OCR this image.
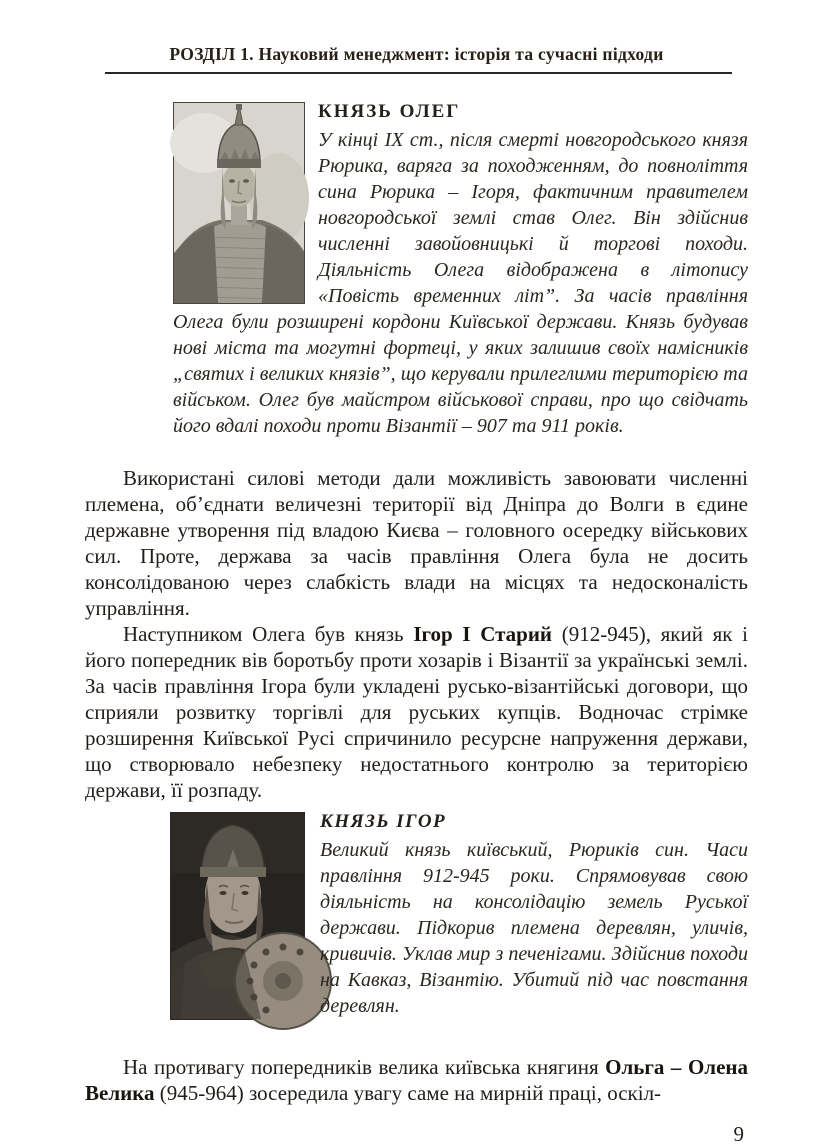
РОЗДІЛ 1. Науковий менеджмент: історія та сучасні підходи
КНЯЗЬ ОЛЕГ

У кінці IX ст., після смерті новгородського князя Рюрика, варяга за походженням, до повноліття сина Рюрика – Ігоря, фактичним правителем новгородської землі став Олег. Він здійснив численні завойовницькі й торгові походи. Діяльність Олега відображена в літопису «Повість временних літ”. За часів правління Олега були розширені кордони Київської держави. Князь будував нові міста та могутні фортеці, у яких залишив своїх намісників „святих і великих князів”, що керували прилеглими територією та військом. Олег був майстром військової справи, про що свідчать його вдалі походи проти Візантії – 907 та 911 років.

Використані силові методи дали можливість завоювати численні племена, об’єднати величезні території від Дніпра до Волги в єдине державне утворення під владою Києва – головного осередку військових сил. Проте, держава за часів правління Олега була не досить консолідованою через слабкість влади на місцях та недосконалість управління.

Наступником Олега був князь Ігор І Старий (912-945), який як і його попередник вів боротьбу проти хозарів і Візантії за українські землі. За часів правління Ігора були укладені русько-візантійські договори, що сприяли розвитку торгівлі для руських купців. Водночас стрімке розширення Київської Русі спричинило ресурсне напруження держави, що створювало небезпеку недостатнього контролю за територією держави, її розпаду.

КНЯЗЬ ІГОР

Великий князь київський, Рюриків син. Часи правління 912-945 роки. Спрямовував свою діяльність на консолідацію земель Руської держави. Підкорив племена деревлян, уличів, кривичів. Уклав мир з печенігами. Здійснив походи на Кавказ, Візантію. Убитий під час повстання деревлян.

На противагу попередників велика київська княгиня Ольга – Олена Велика (945-964) зосередила увагу саме на мирній праці, оскіл-

9
